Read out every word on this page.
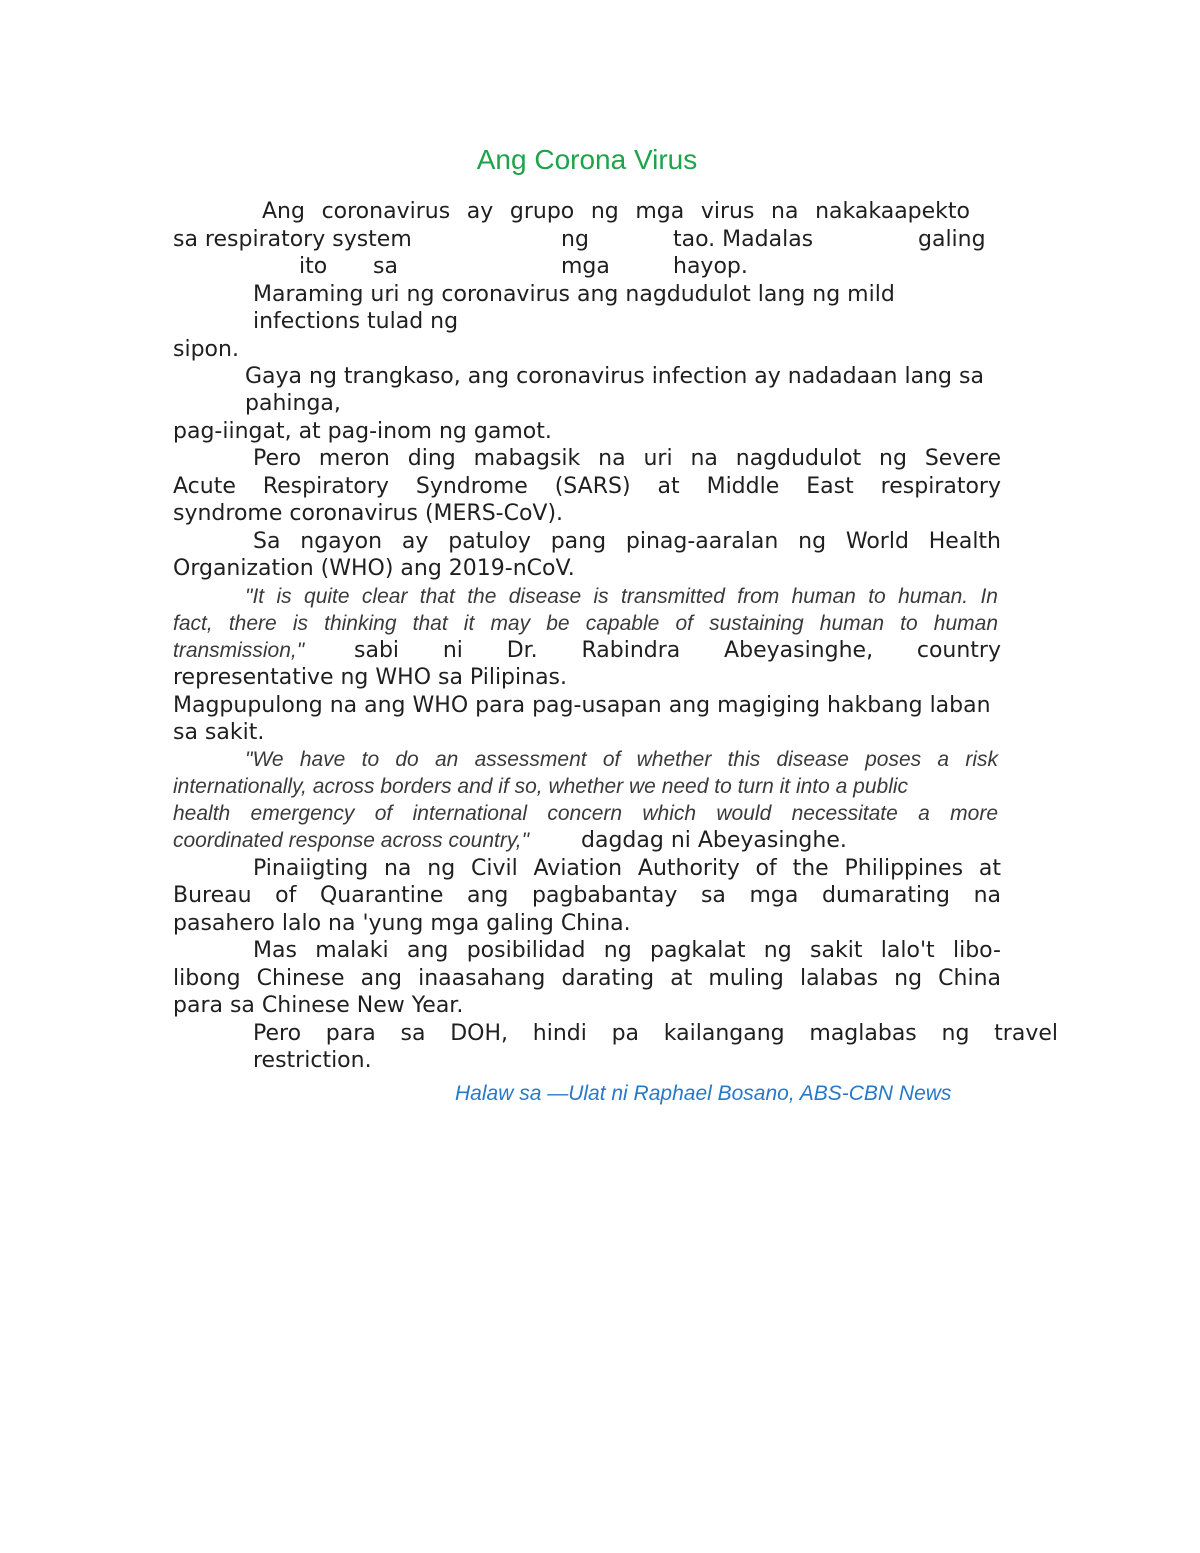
Ang Corona Virus
Ang coronavirus ay grupo ng mga virus na nakakaapekto
sa respiratory system	ng	tao. Madalas	galing
ito sa	mga	hayop.
Maraming uri ng coronavirus ang nagdudulot lang ng mild
infections tulad ng
sipon.
Gaya ng trangkaso, ang coronavirus infection ay nadadaan lang sa
pahinga,
pag-iingat, at pag-inom ng gamot.
Pero meron ding mabagsik na uri na nagdudulot ng Severe
Acute Respiratory Syndrome (SARS) at Middle East respiratory
syndrome coronavirus (MERS-CoV).
Sa ngayon ay patuloy pang pinag-aaralan ng World Health
Organization (WHO) ang 2019-nCoV.
"It is quite clear that the disease is transmitted from human to human. In
fact, there is thinking that it may be capable of sustaining human to human
transmission," sabi ni Dr. Rabindra Abeyasinghe, country
representative ng WHO sa Pilipinas.
Magpupulong na ang WHO para pag-usapan ang magiging hakbang laban
sa sakit.
"We have to do an assessment of whether this disease poses a risk
internationally, across borders and if so, whether we need to turn it into a public
health emergency of international concern which would necessitate a more
coordinated response across country," dagdag ni Abeyasinghe.
Pinaiigting na ng Civil Aviation Authority of the Philippines at
Bureau of Quarantine ang pagbabantay sa mga dumarating na
pasahero lalo na 'yung mga galing China.
Mas malaki ang posibilidad ng pagkalat ng sakit lalo't libo-
libong Chinese ang inaasahang darating at muling lalabas ng China
para sa Chinese New Year.
Pero para sa DOH, hindi pa kailangang maglabas ng travel
restriction.
Halaw sa —Ulat ni Raphael Bosano, ABS-CBN News
